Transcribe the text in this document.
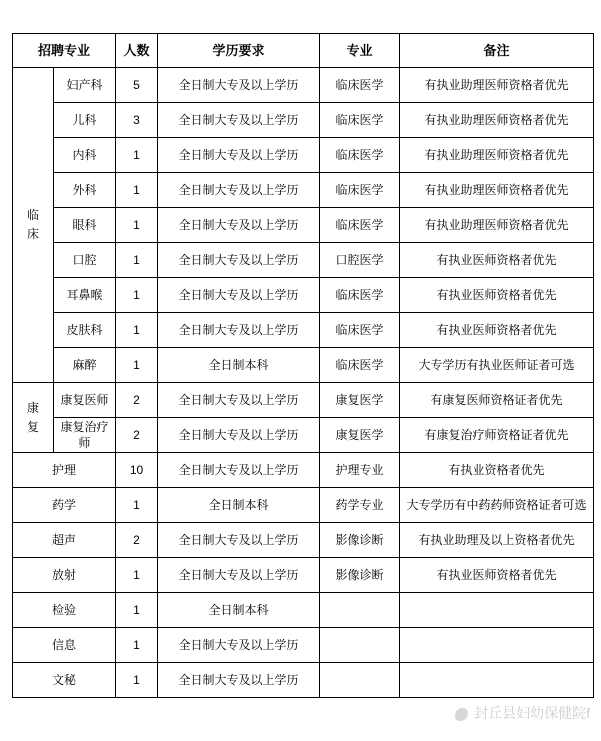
招聘专业		人数	学历要求	专业	备注
临床	妇产科	5	全日制大专及以上学历	临床医学	有执业助理医师资格者优先
	儿科	3	全日制大专及以上学历	临床医学	有执业助理医师资格者优先
	内科	1	全日制大专及以上学历	临床医学	有执业助理医师资格者优先
	外科	1	全日制大专及以上学历	临床医学	有执业助理医师资格者优先
	眼科	1	全日制大专及以上学历	临床医学	有执业助理医师资格者优先
	口腔	1	全日制大专及以上学历	口腔医学	有执业医师资格者优先
	耳鼻喉	1	全日制大专及以上学历	临床医学	有执业医师资格者优先
	皮肤科	1	全日制大专及以上学历	临床医学	有执业医师资格者优先
	麻醉	1	全日制本科	临床医学	大专学历有执业医师证者可选
康复	康复医师	2	全日制大专及以上学历	康复医学	有康复医师资格证者优先
	康复治疗师	2	全日制大专及以上学历	康复医学	有康复治疗师资格证者优先
护理		10	全日制大专及以上学历	护理专业	有执业资格者优先
药学		1	全日制本科	药学专业	大专学历有中药药师资格证者可选
超声		2	全日制大专及以上学历	影像诊断	有执业助理及以上资格者优先
放射		1	全日制大专及以上学历	影像诊断	有执业医师资格者优先
检验		1	全日制本科		
信息		1	全日制大专及以上学历		
文秘		1	全日制大专及以上学历		
封丘县妇幼保健院f
